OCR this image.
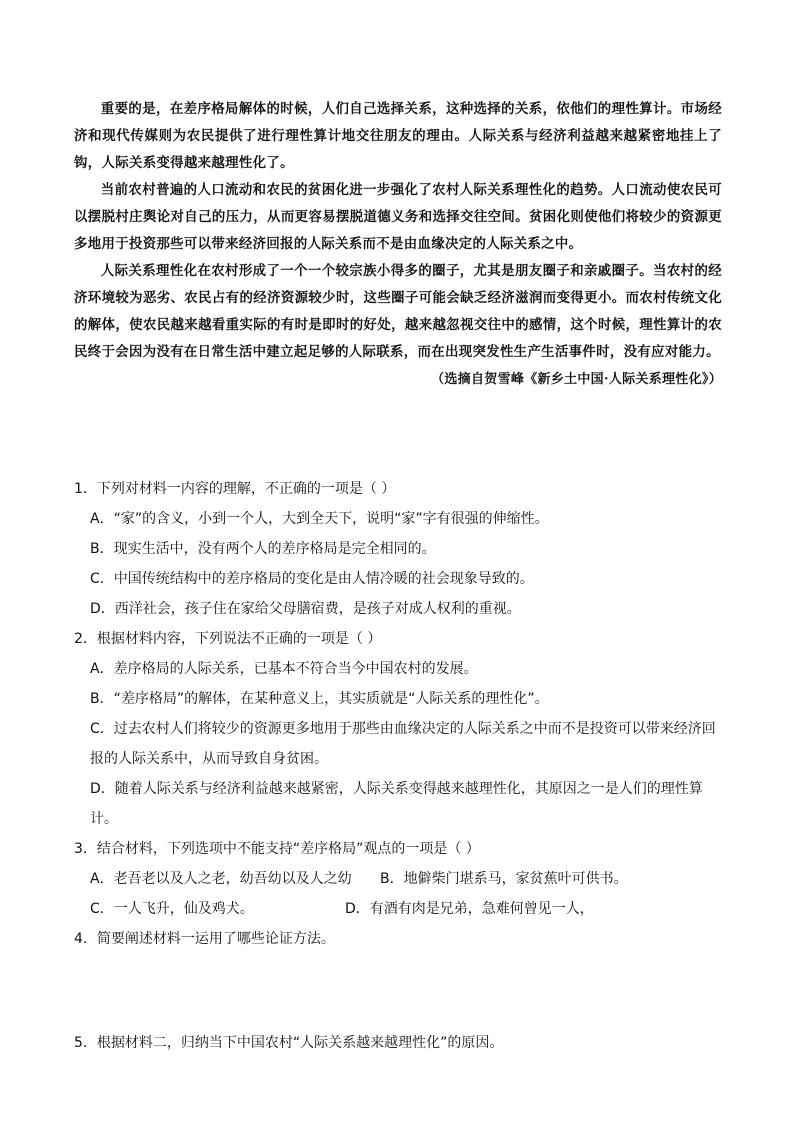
重要的是，在差序格局解体的时候，人们自己选择关系，这种选择的关系，依他们的理性算计。市场经济和现代传媒则为农民提供了进行理性算计地交往朋友的理由。人际关系与经济利益越来越紧密地挂上了钩，人际关系变得越来越理性化了。

当前农村普遍的人口流动和农民的贫困化进一步强化了农村人际关系理性化的趋势。人口流动使农民可以摆脱村庄舆论对自己的压力，从而更容易摆脱道德义务和选择交往空间。贫困化则使他们将较少的资源更多地用于投资那些可以带来经济回报的人际关系而不是由血缘决定的人际关系之中。

人际关系理性化在农村形成了一个一个较宗族小得多的圈子，尤其是朋友圈子和亲戚圈子。当农村的经济环境较为恶劣、农民占有的经济资源较少时，这些圈子可能会缺乏经济滋润而变得更小。而农村传统文化的解体，使农民越来越看重实际的有时是即时的好处，越来越忽视交往中的感情，这个时候，理性算计的农民终于会因为没有在日常生活中建立起足够的人际联系，而在出现突发性生产生活事件时，没有应对能力。

（选摘自贺雪峰《新乡土中国·人际关系理性化》）

1．下列对材料一内容的理解，不正确的一项是（ ）

A．“家”的含义，小到一个人，大到全天下，说明“家”字有很强的伸缩性。

B．现实生活中，没有两个人的差序格局是完全相同的。

C．中国传统结构中的差序格局的变化是由人情冷暖的社会现象导致的。

D．西洋社会，孩子住在家给父母膳宿费，是孩子对成人权利的重视。

2．根据材料内容，下列说法不正确的一项是（ ）

A．差序格局的人际关系，已基本不符合当今中国农村的发展。

B．“差序格局”的解体，在某种意义上，其实质就是“人际关系的理性化”。

C．过去农村人们将较少的资源更多地用于那些由血缘决定的人际关系之中而不是投资可以带来经济回

报的人际关系中，从而导致自身贫困。

D．随着人际关系与经济利益越来越紧密，人际关系变得越来越理性化，其原因之一是人们的理性算计。

3．结合材料，下列选项中不能支持“差序格局”观点的一项是（ ）

A．老吾老以及人之老，幼吾幼以及人之幼	B．地僻柴门堪系马，家贫蕉叶可供书。
C．一人飞升，仙及鸡犬。	D．有酒有肉是兄弟，急难何曾见一人，

4．简要阐述材料一运用了哪些论证方法。

5．根据材料二，归纳当下中国农村“人际关系越来越理性化”的原因。
